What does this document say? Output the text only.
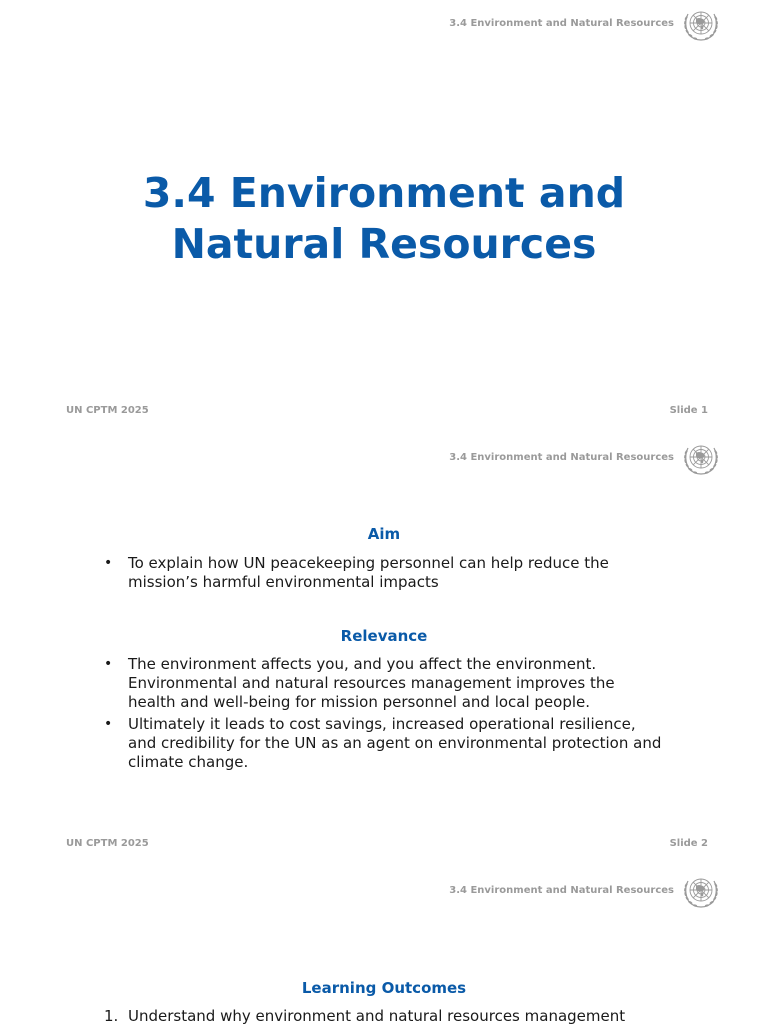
3.4 Environment and Natural Resources
3.4 Environment and
Natural Resources
UN CPTM 2025	Slide 1
3.4 Environment and Natural Resources
Aim
• To explain how UN peacekeeping personnel can help reduce the mission’s harmful environmental impacts
Relevance
• The environment affects you, and you affect the environment. Environmental and natural resources management improves the health and well-being for mission personnel and local people.
• Ultimately it leads to cost savings, increased operational resilience, and credibility for the UN as an agent on environmental protection and climate change.
UN CPTM 2025	Slide 2
3.4 Environment and Natural Resources
Learning Outcomes
1. Understand why environment and natural resources management
